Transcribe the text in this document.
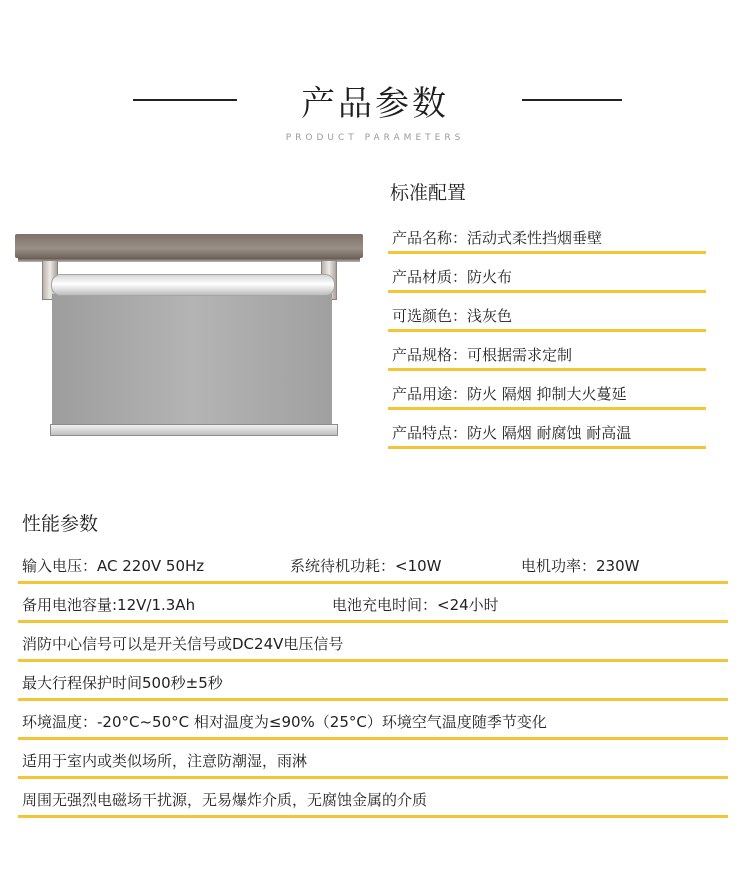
产品参数
PRODUCT PARAMETERS
标准配置
产品名称：活动式柔性挡烟垂壁
产品材质：防火布
可选颜色：浅灰色
产品规格：可根据需求定制
产品用途：防火 隔烟 抑制大火蔓延
产品特点：防火 隔烟 耐腐蚀 耐高温
性能参数
输入电压：AC 220V 50Hz	系统待机功耗：<10W	电机功率：230W
备用电池容量:12V/1.3Ah	电池充电时间：<24小时
消防中心信号可以是开关信号或DC24V电压信号
最大行程保护时间500秒±5秒
环境温度：-20°C~50°C 相对温度为≤90%（25°C）环境空气温度随季节变化
适用于室内或类似场所，注意防潮湿，雨淋
周围无强烈电磁场干扰源，无易爆炸介质，无腐蚀金属的介质
